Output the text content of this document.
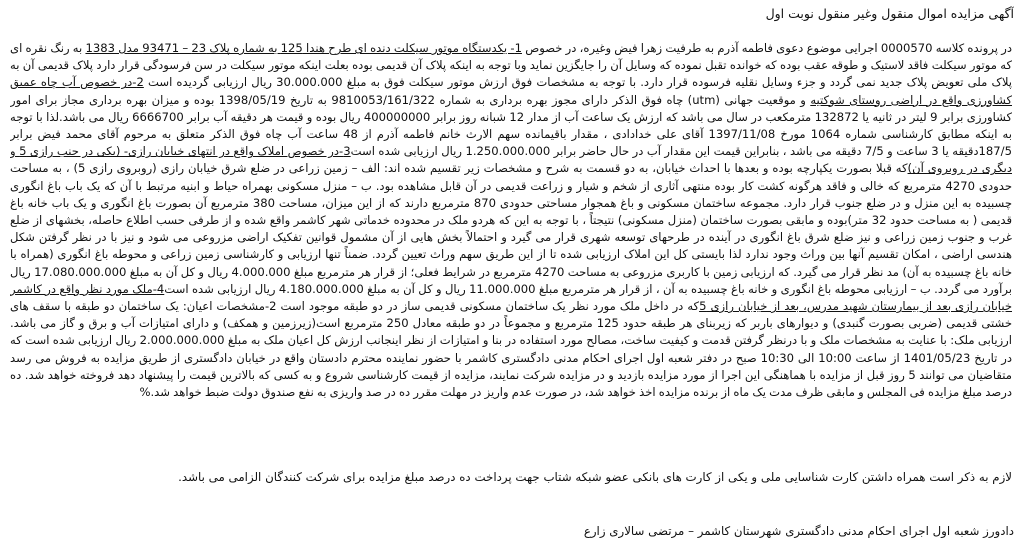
آگهی مزایده اموال منقول وغیر منقول نوبت اول
در پرونده کلاسه 0000570 اجرایی موضوع دعوی فاطمه آذرم به طرفیت زهرا فیض وغیره، در خصوص 1- یکدستگاه موتور سیکلت دنده ای طرح هندا 125 به شماره پلاک 23 – 93471 مدل 1383 به رنگ نقره ای که موتور سیکلت فاقد لاستیک و طوقه عقب بوده که خوانده تقبل نموده که وسایل آن را جایگزین نماید وبا توجه به اینکه پلاک آن قدیمی بوده بعلت اینکه موتور سیکلت در سن فرسودگی قرار دارد پلاک قدیمی آن به پلاک ملی تعویض پلاک جدید نمی گردد و جزء وسایل نقلیه فرسوده قرار دارد. با توجه به مشخصات فوق ارزش موتور سیکلت فوق به مبلغ 30.000.000 ریال ارزیابی گردیده است 2-در خصوص آب چاه عمیق کشاورزی واقع در اراضی روستای شوکتیه و موقعیت جهانی (utm) چاه فوق الذکر دارای مجوز بهره برداری به شماره 9810053/161/322 به تاریخ 1398/05/19 بوده و میزان بهره برداری مجاز برای امور کشاورزی برابر 9 لیتر در ثانیه یا 132872 مترمکعب در سال می باشد که ارزش یک ساعت آب از مدار 12 شبانه روز برابر 400000000 ریال بوده و قیمت هر دقیقه آب برابر 6666700 ریال می باشد.لذا با توجه به اینکه مطابق کارشناسی شماره 1064 مورخ 1397/11/08 آقای علی خدادادی ، مقدار باقیمانده سهم الارث خانم فاطمه آذرم از 48 ساعت آب چاه فوق الذکر متعلق به مرحوم آقای محمد فیض برابر 187/5دقیقه یا 3 ساعت و 7/5 دقیقه می باشد ، بنابراین قیمت این مقدار آب در حال حاضر برابر 1.250.000.000 ریال ارزیابی شده است3-در خصوص املاک واقع در انتهای خیابان رازی- (یکی در جنب رازی 5 و دیگری در روبروی آن)که قبلا بصورت یکپارچه بوده و بعدها با احداث خیابان، به دو قسمت به شرح و مشخصات زیر تقسیم شده اند: الف – زمین زراعی در ضلع شرق خیابان رازی (روبروی رازی 5) ، به مساحت حدودی 4270 مترمربع که خالی و فاقد هرگونه کشت کار بوده منتهی آثاری از شخم و شیار و زراعت قدیمی در آن قابل مشاهده بود. ب – منزل مسکونی بهمراه حیاط و ابنیه مرتبط با آن که یک باب باغ انگوری چسبیده به این منزل و در ضلع جنوب قرار دارد. مجموعه ساختمان مسکونی و باغ همجوار مساحتی حدودی 870 مترمربع دارند که از این میزان، مساحت 380 مترمربع آن بصورت باغ انگوری و یک باب خانه باغ قدیمی ( به مساحت حدود 32 متر)بوده و مابقی بصورت ساختمان (منزل مسکونی) نتیجتاً ، با توجه به این که هردو ملک در محدوده خدماتی شهر کاشمر واقع شده و از طرفی حسب اطلاع حاصله، بخشهای از ضلع غرب و جنوب زمین زراعی و نیز ضلع شرق باغ انگوری در آینده در طرحهای توسعه شهری قرار می گیرد و احتمالاً بخش هایی از آن مشمول قوانین تفکیک اراضی مزروعی می شود و نیز با در نظر گرفتن شکل هندسی اراضی ، امکان تقسیم آنها بین وراث وجود ندارد لذا بایستی کل این املاک ارزیابی شده تا از این طریق سهم وراث تعیین گردد. ضمناً تنها ارزیابی و کارشناسی زمین زراعی و محوطه باغ انگوری (همراه با خانه باغ چسبیده به آن) مد نظر قرار می گیرد. که ارزیابی زمین با کاربری مزروعی به مساحت 4270 مترمربع در شرایط فعلی؛ از قرار هر مترمربع مبلغ 4.000.000 ریال و کل آن به مبلغ 17.080.000.000 ریال برآورد می گردد. ب – ارزیابی محوطه باغ انگوری و خانه باغ چسبیده به آن ، از قرار هر مترمربع مبلغ 11.000.000 ریال و کل آن به مبلغ 4.180.000.000 ریال ارزیابی شده است4-ملک مورد نظر واقع در کاشمر خیابان رازی بعد از بیمارستان شهید مدرس، بعد از خیابان رازی 5که در داخل ملک مورد نظر یک ساختمان مسکونی قدیمی ساز در دو طبقه موجود است 2-مشخصات اعیان: یک ساختمان دو طبقه با سقف های خشتی قدیمی (ضربی بصورت گنبدی) و دیوارهای باربر که زیربنای هر طبقه حدود 125 مترمربع و مجموعاً در دو طبقه معادل 250 مترمربع است(زیرزمین و همکف) و دارای امتیازات آب و برق و گاز می باشد. ارزیابی ملک: با عنایت به مشخصات ملک و با درنظر گرفتن قدمت و کیفیت ساخت، مصالح مورد استفاده در بنا و امتیازات از نظر اینجانب ارزش کل اعیان ملک به مبلغ 2.000.000.000 ریال ارزیابی شده است که در تاریخ 1401/05/23 از ساعت 10:00 الی 10:30 صبح در دفتر شعبه اول اجرای احکام مدنی دادگستری کاشمر با حضور نماینده محترم دادستان واقع در خیابان دادگستری از طریق مزایده به فروش می رسد متقاضیان می توانند 5 روز قبل از مزایده با هماهنگی این اجرا از مورد مزایده بازدید و در مزایده شرکت نمایند، مزایده از قیمت کارشناسی شروع و به کسی که بالاترین قیمت را پیشنهاد دهد فروخته خواهد شد. ده درصد مبلغ مزایده فی المجلس و مابقی ظرف مدت یک ماه از برنده مزایده اخذ خواهد شد، در صورت عدم واریز در مهلت مقرر ده در صد واریزی به نفع صندوق دولت ضبط خواهد شد.%
لازم به ذکر است همراه داشتن کارت شناسایی ملی و یکی از کارت های بانکی عضو شبکه شتاب جهت پرداخت ده درصد مبلغ مزایده برای شرکت کنندگان الزامی می باشد.
دادورز شعبه اول اجرای احکام مدنی دادگستری شهرستان کاشمر – مرتضی سالاری زارع
